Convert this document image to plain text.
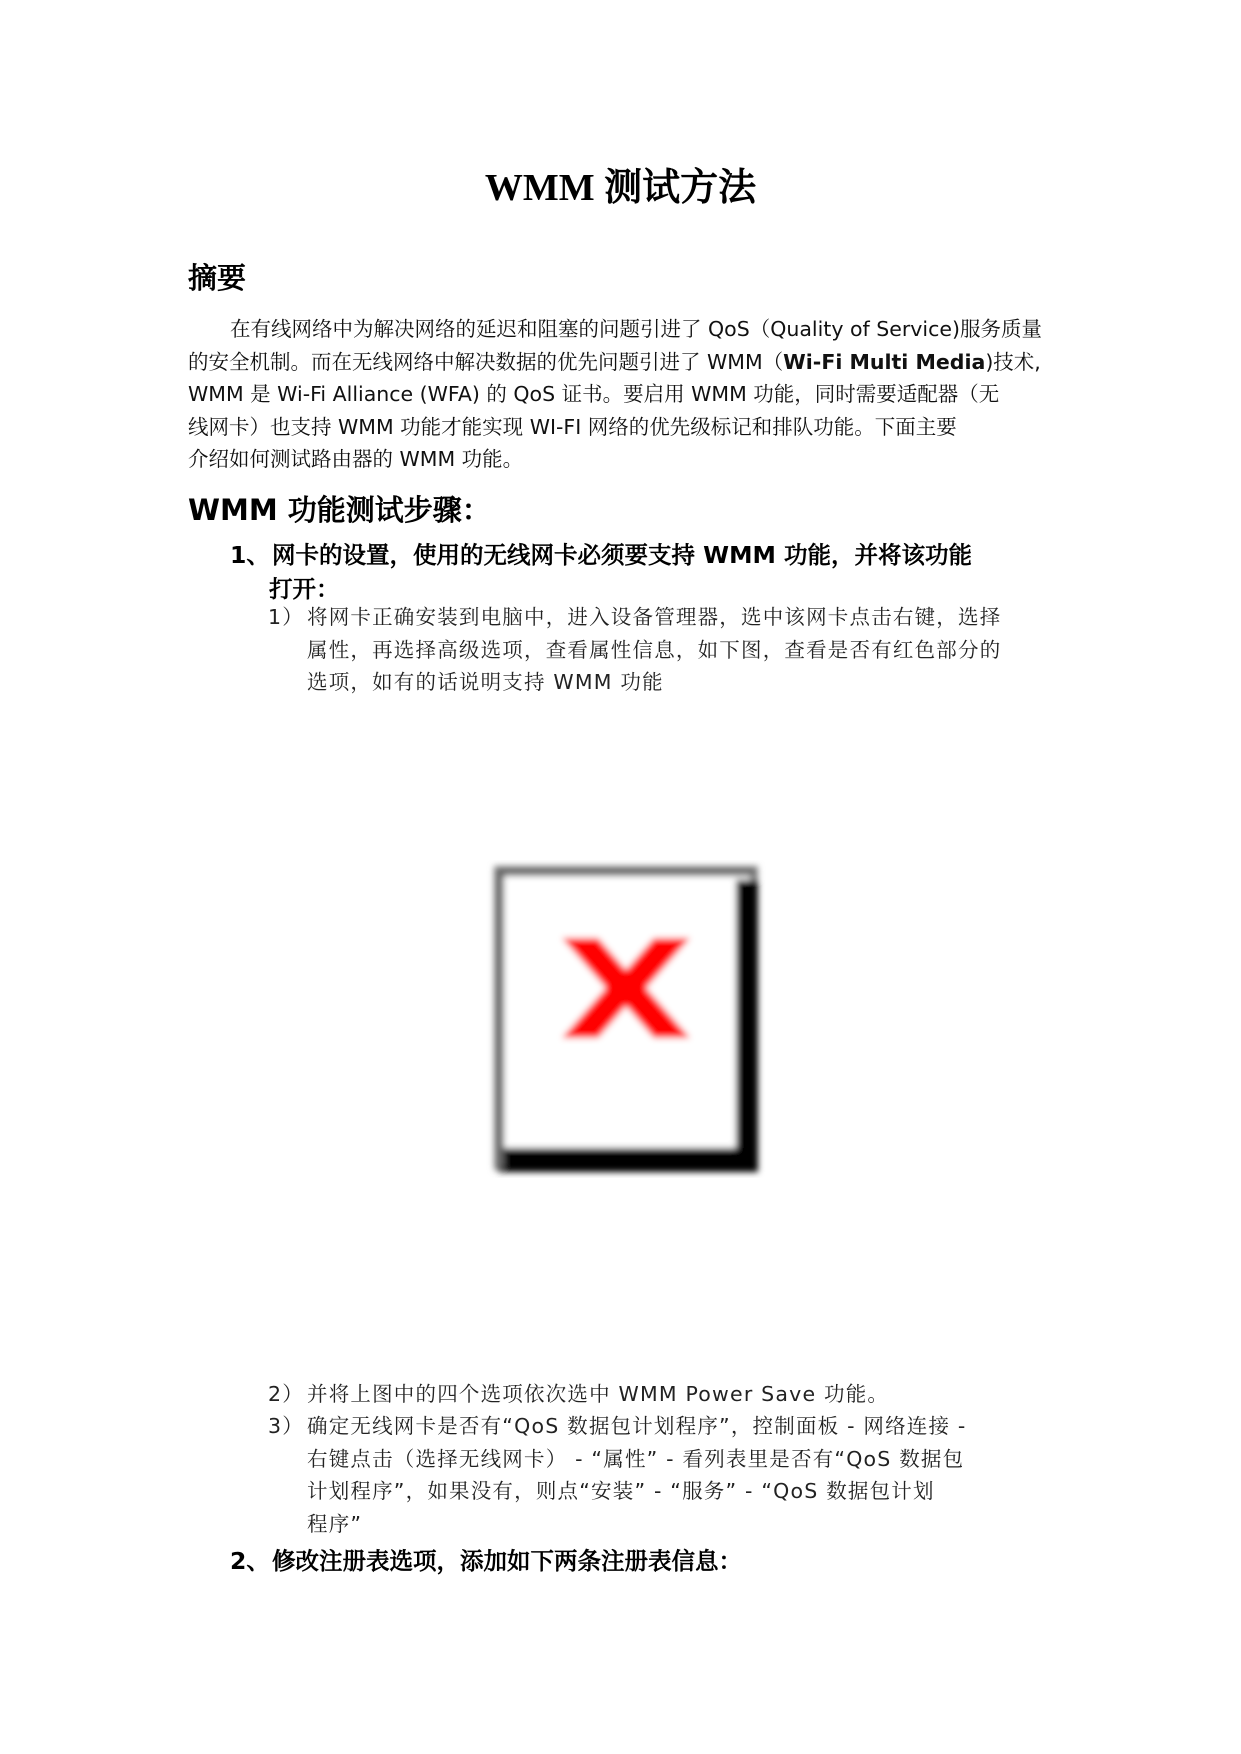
WMM 测试方法
摘要
在有线网络中为解决网络的延迟和阻塞的问题引进了 QoS（Quality of Service)服务质量
的安全机制。而在无线网络中解决数据的优先问题引进了 WMM（Wi-Fi Multi Media)技术,
WMM 是 Wi-Fi Alliance (WFA) 的 QoS 证书。要启用 WMM 功能，同时需要适配器（无
线网卡）也支持 WMM 功能才能实现 WI-FI 网络的优先级标记和排队功能。下面主要
介绍如何测试路由器的 WMM 功能。
WMM 功能测试步骤：
1、网卡的设置，使用的无线网卡必须要支持 WMM 功能，并将该功能
打开：
1） 将网卡正确安装到电脑中，进入设备管理器，选中该网卡点击右键，选择
属性，再选择高级选项，查看属性信息，如下图，查看是否有红色部分的
选项，如有的话说明支持 WMM 功能
2） 并将上图中的四个选项依次选中 WMM Power Save 功能。
3） 确定无线网卡是否有“QoS 数据包计划程序”，控制面板 - 网络连接 -
右键点击（选择无线网卡） - “属性” - 看列表里是否有“QoS 数据包
计划程序”，如果没有，则点“安装” - “服务” - “QoS 数据包计划
程序”
2、修改注册表选项，添加如下两条注册表信息：
